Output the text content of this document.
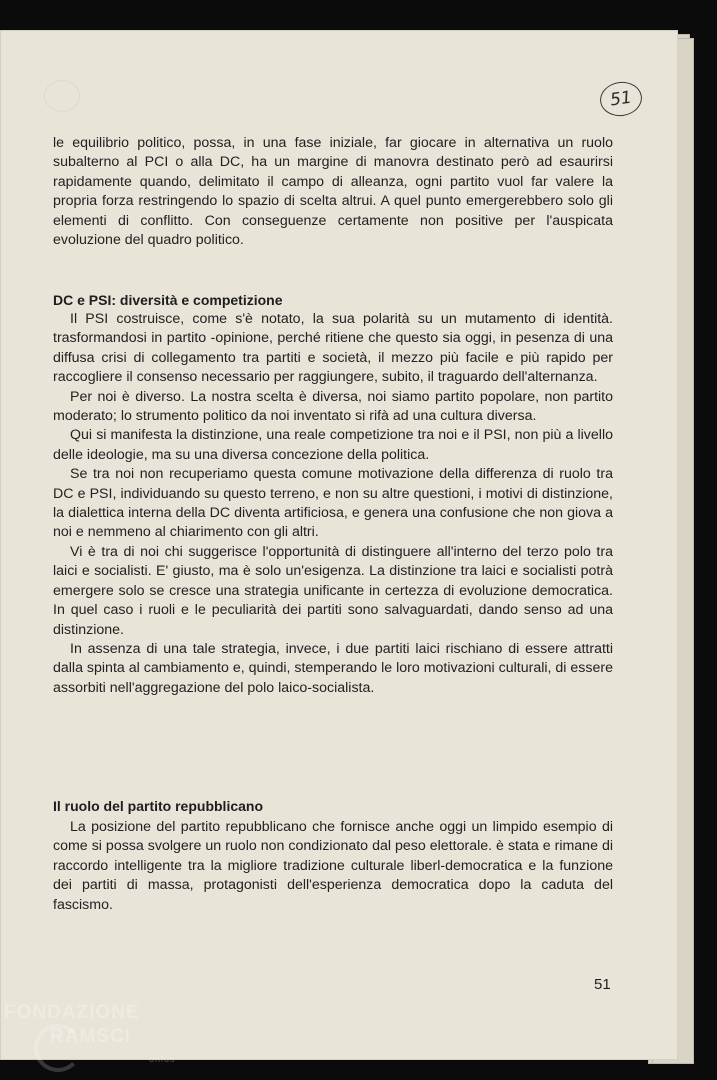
51

le equilibrio politico, possa, in una fase iniziale, far giocare in alternativa un ruolo subalterno al PCI o alla DC, ha un margine di manovra destinato però ad esaurirsi rapidamente quando, delimitato il campo di alleanza, ogni partito vuol far valere la propria forza restringendo lo spazio di scelta altrui. A quel punto emergerebbero solo gli elementi di conflitto. Con conseguenze certamente non positive per l'auspicata evoluzione del quadro politico.

DC e PSI: diversità e competizione

Il PSI costruisce, come s'è notato, la sua polarità su un mutamento di identità. trasformandosi in partito -opinione, perché ritiene che questo sia oggi, in pesenza di una diffusa crisi di collegamento tra partiti e società, il mezzo più facile e più rapido per raccogliere il consenso necessario per raggiungere, subito, il traguardo dell'alternanza.

Per noi è diverso. La nostra scelta è diversa, noi siamo partito popolare, non partito moderato; lo strumento politico da noi inventato si rifà ad una cultura diversa.

Qui si manifesta la distinzione, una reale competizione tra noi e il PSI, non più a livello delle ideologie, ma su una diversa concezione della politica.

Se tra noi non recuperiamo questa comune motivazione della differenza di ruolo tra DC e PSI, individuando su questo terreno, e non su altre questioni, i motivi di distinzione, la dialettica interna della DC diventa artificiosa, e genera una confusione che non giova a noi e nemmeno al chiarimento con gli altri.

Vi è tra di noi chi suggerisce l'opportunità di distinguere all'interno del terzo polo tra laici e socialisti. E' giusto, ma è solo un'esigenza. La distinzione tra laici e socialisti potrà emergere solo se cresce una strategia unificante in certezza di evoluzione democratica. In quel caso i ruoli e le peculiarità dei partiti sono salvaguardati, dando senso ad una distinzione.

In assenza di una tale strategia, invece, i due partiti laici rischiano di essere attratti dalla spinta al cambiamento e, quindi, stemperando le loro motivazioni culturali, di essere assorbiti nell'aggregazione del polo laico-socialista.

Il ruolo del partito repubblicano

La posizione del partito repubblicano che fornisce anche oggi un limpido esempio di come si possa svolgere un ruolo non condizionato dal peso elettorale. è stata e rimane di raccordo intelligente tra la migliore tradizione culturale liberl-democratica e la funzione dei partiti di massa, protagonisti dell'esperienza democratica dopo la caduta del fascismo.

51
FONDAZIONE
RAMSCI
onlus
